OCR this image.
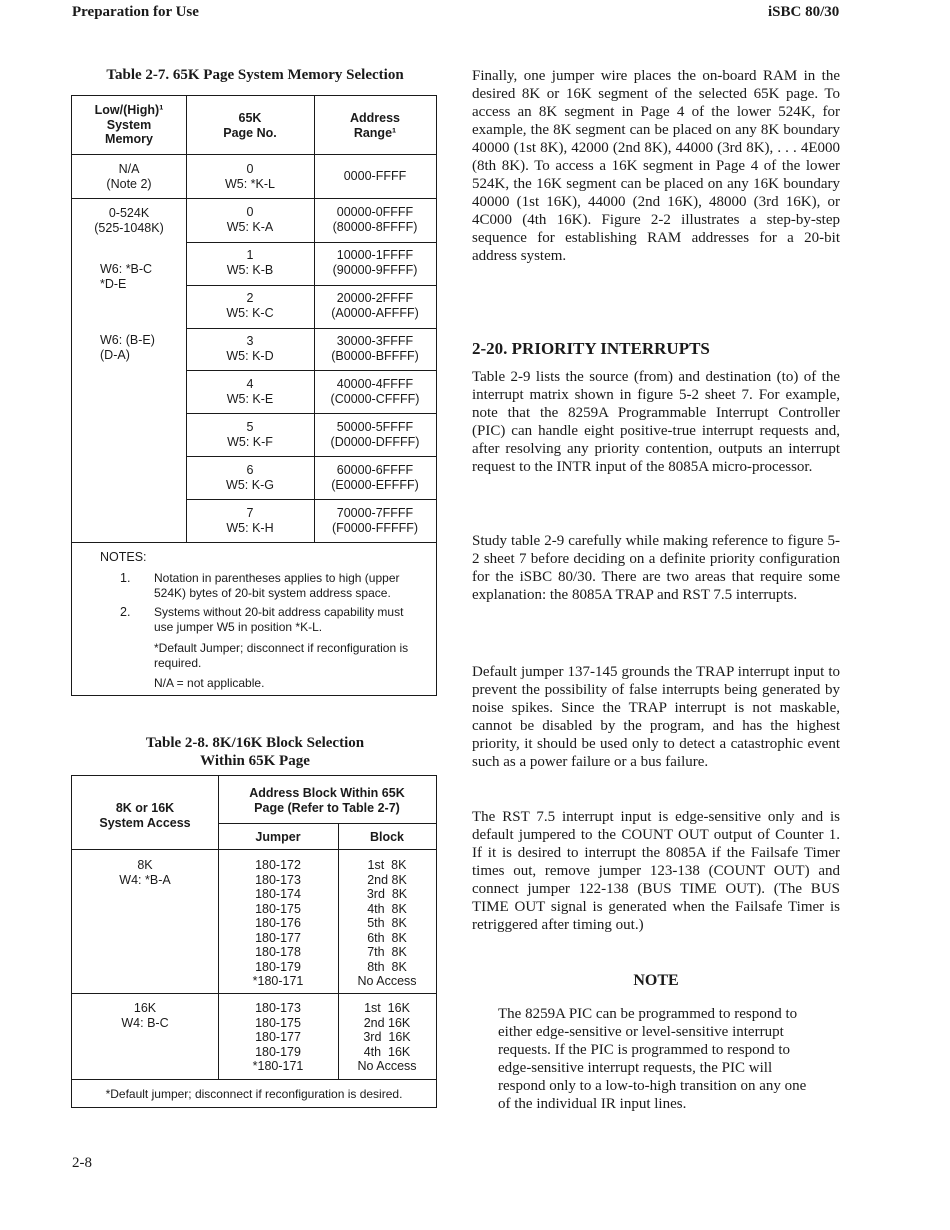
Preparation for Use	iSBC 80/30
Table 2-7. 65K Page System Memory Selection
Low/(High)¹
System
Memory
65K
Page No.
Address
Range¹
N/A
(Note 2)
0
W5: *K-L
0000-FFFF
0-524K
(525-1048K)
W6: *B-C
*D-E
W6: (B-E)
(D-A)
0
W5: K-A
00000-0FFFF
(80000-8FFFF)
1
W5: K-B
10000-1FFFF
(90000-9FFFF)
2
W5: K-C
20000-2FFFF
(A0000-AFFFF)
3
W5: K-D
30000-3FFFF
(B0000-BFFFF)
4
W5: K-E
40000-4FFFF
(C0000-CFFFF)
5
W5: K-F
50000-5FFFF
(D0000-DFFFF)
6
W5: K-G
60000-6FFFF
(E0000-EFFFF)
7
W5: K-H
70000-7FFFF
(F0000-FFFFF)
NOTES:
1. Notation in parentheses applies to high (upper 524K) bytes of 20-bit system address space.
2. Systems without 20-bit address capability must use jumper W5 in position *K-L.
*Default Jumper; disconnect if reconfiguration is required.
N/A = not applicable.
Table 2-8. 8K/16K Block Selection
Within 65K Page
8K or 16K
System Access
Address Block Within 65K
Page (Refer to Table 2-7)
Jumper	Block
8K
W4: *B-A
180-172
180-173
180-174
180-175
180-176
180-177
180-178
180-179
*180-171
1st  8K
2nd 8K
3rd  8K
4th  8K
5th  8K
6th  8K
7th  8K
8th  8K
No Access
16K
W4: B-C
180-173
180-175
180-177
180-179
*180-171
1st  16K
2nd 16K
3rd  16K
4th  16K
No Access
*Default jumper; disconnect if reconfiguration is desired.
Finally, one jumper wire places the on-board RAM in the desired 8K or 16K segment of the selected 65K page. To access an 8K segment in Page 4 of the lower 524K, for example, the 8K segment can be placed on any 8K boundary 40000 (1st 8K), 42000 (2nd 8K), 44000 (3rd 8K), . . . 4E000 (8th 8K). To access a 16K segment in Page 4 of the lower 524K, the 16K segment can be placed on any 16K boundary 40000 (1st 16K), 44000 (2nd 16K), 48000 (3rd 16K), or 4C000 (4th 16K). Figure 2-2 illustrates a step-by-step sequence for establishing RAM addresses for a 20-bit address system.
2-20. PRIORITY INTERRUPTS
Table 2-9 lists the source (from) and destination (to) of the interrupt matrix shown in figure 5-2 sheet 7. For example, note that the 8259A Programmable Interrupt Controller (PIC) can handle eight positive-true interrupt requests and, after resolving any priority contention, outputs an interrupt request to the INTR input of the 8085A micro-processor.
Study table 2-9 carefully while making reference to figure 5-2 sheet 7 before deciding on a definite priority configuration for the iSBC 80/30. There are two areas that require some explanation: the 8085A TRAP and RST 7.5 interrupts.
Default jumper 137-145 grounds the TRAP interrupt input to prevent the possibility of false interrupts being generated by noise spikes. Since the TRAP interrupt is not maskable, cannot be disabled by the program, and has the highest priority, it should be used only to detect a catastrophic event such as a power failure or a bus failure.
The RST 7.5 interrupt input is edge-sensitive only and is default jumpered to the COUNT OUT output of Counter 1. If it is desired to interrupt the 8085A if the Failsafe Timer times out, remove jumper 123-138 (COUNT OUT) and connect jumper 122-138 (BUS TIME OUT). (The BUS TIME OUT signal is generated when the Failsafe Timer is retriggered after timing out.)
NOTE
The 8259A PIC can be programmed to respond to either edge-sensitive or level-sensitive interrupt requests. If the PIC is programmed to respond to edge-sensitive interrupt requests, the PIC will respond only to a low-to-high transition on any one of the individual IR input lines.
2-8
